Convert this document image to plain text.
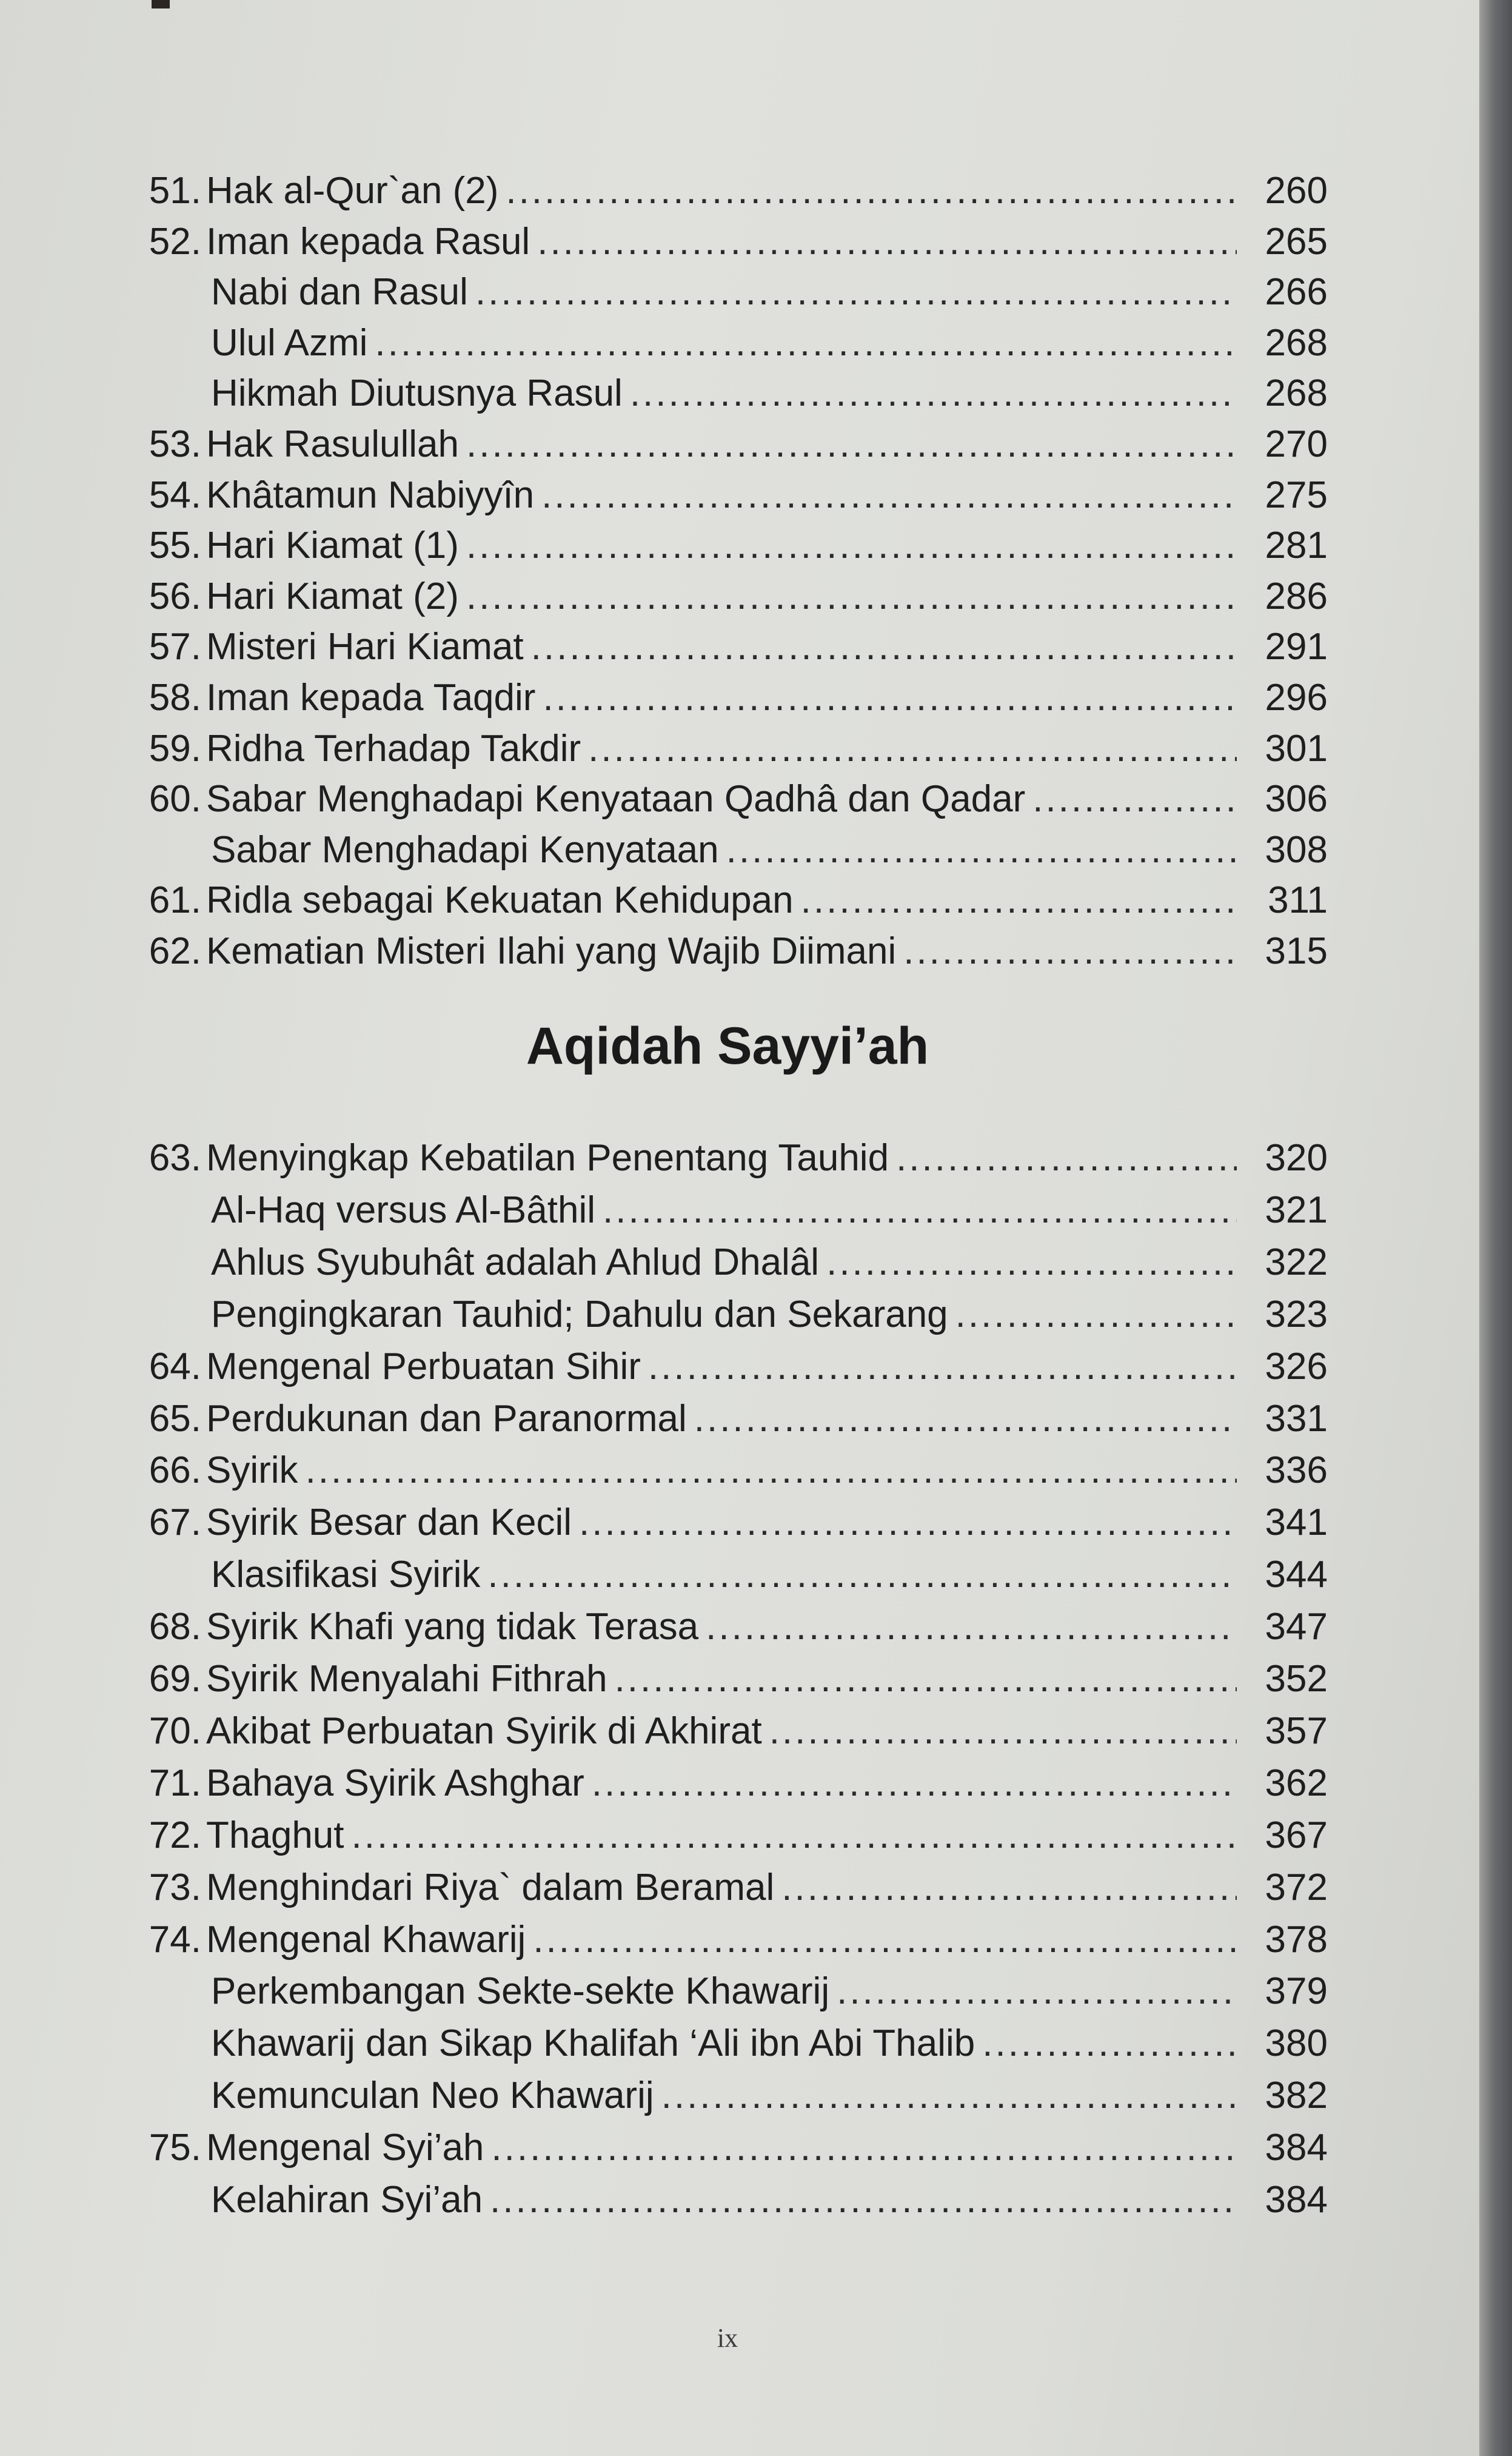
51. Hak al-Qur`an (2) .....	260
52. Iman kepada Rasul .....	265
Nabi dan Rasul .....	266
Ulul Azmi .....	268
Hikmah Diutusnya Rasul .....	268
53. Hak Rasulullah .....	270
54. Khâtamun Nabiyyîn .....	275
55. Hari Kiamat (1) .....	281
56. Hari Kiamat (2) .....	286
57. Misteri Hari Kiamat .....	291
58. Iman kepada Taqdir .....	296
59. Ridha Terhadap Takdir .....	301
60. Sabar Menghadapi Kenyataan Qadhâ dan Qadar .....	306
Sabar Menghadapi Kenyataan .....	308
61. Ridla sebagai Kekuatan Kehidupan .....	311
62. Kematian Misteri Ilahi yang Wajib Diimani .....	315
63. Menyingkap Kebatilan Penentang Tauhid .....	320
Al-Haq versus Al-Bâthil .....	321
Ahlus Syubuhât adalah Ahlud Dhalâl .....	322
Pengingkaran Tauhid; Dahulu dan Sekarang .....	323
64. Mengenal Perbuatan Sihir .....	326
65. Perdukunan dan Paranormal .....	331
66. Syirik .....	336
67. Syirik Besar dan Kecil .....	341
Klasifikasi Syirik .....	344
68. Syirik Khafi yang tidak Terasa .....	347
69. Syirik Menyalahi Fithrah .....	352
70. Akibat Perbuatan Syirik di Akhirat .....	357
71. Bahaya Syirik Ashghar .....	362
72. Thaghut .....	367
73. Menghindari Riya` dalam Beramal .....	372
74. Mengenal Khawarij .....	378
Perkembangan Sekte-sekte Khawarij .....	379
Khawarij dan Sikap Khalifah ‘Ali ibn Abi Thalib .....	380
Kemunculan Neo Khawarij .....	382
75. Mengenal Syi’ah .....	384
Kelahiran Syi’ah .....	384
Aqidah Sayyi’ah
ix
